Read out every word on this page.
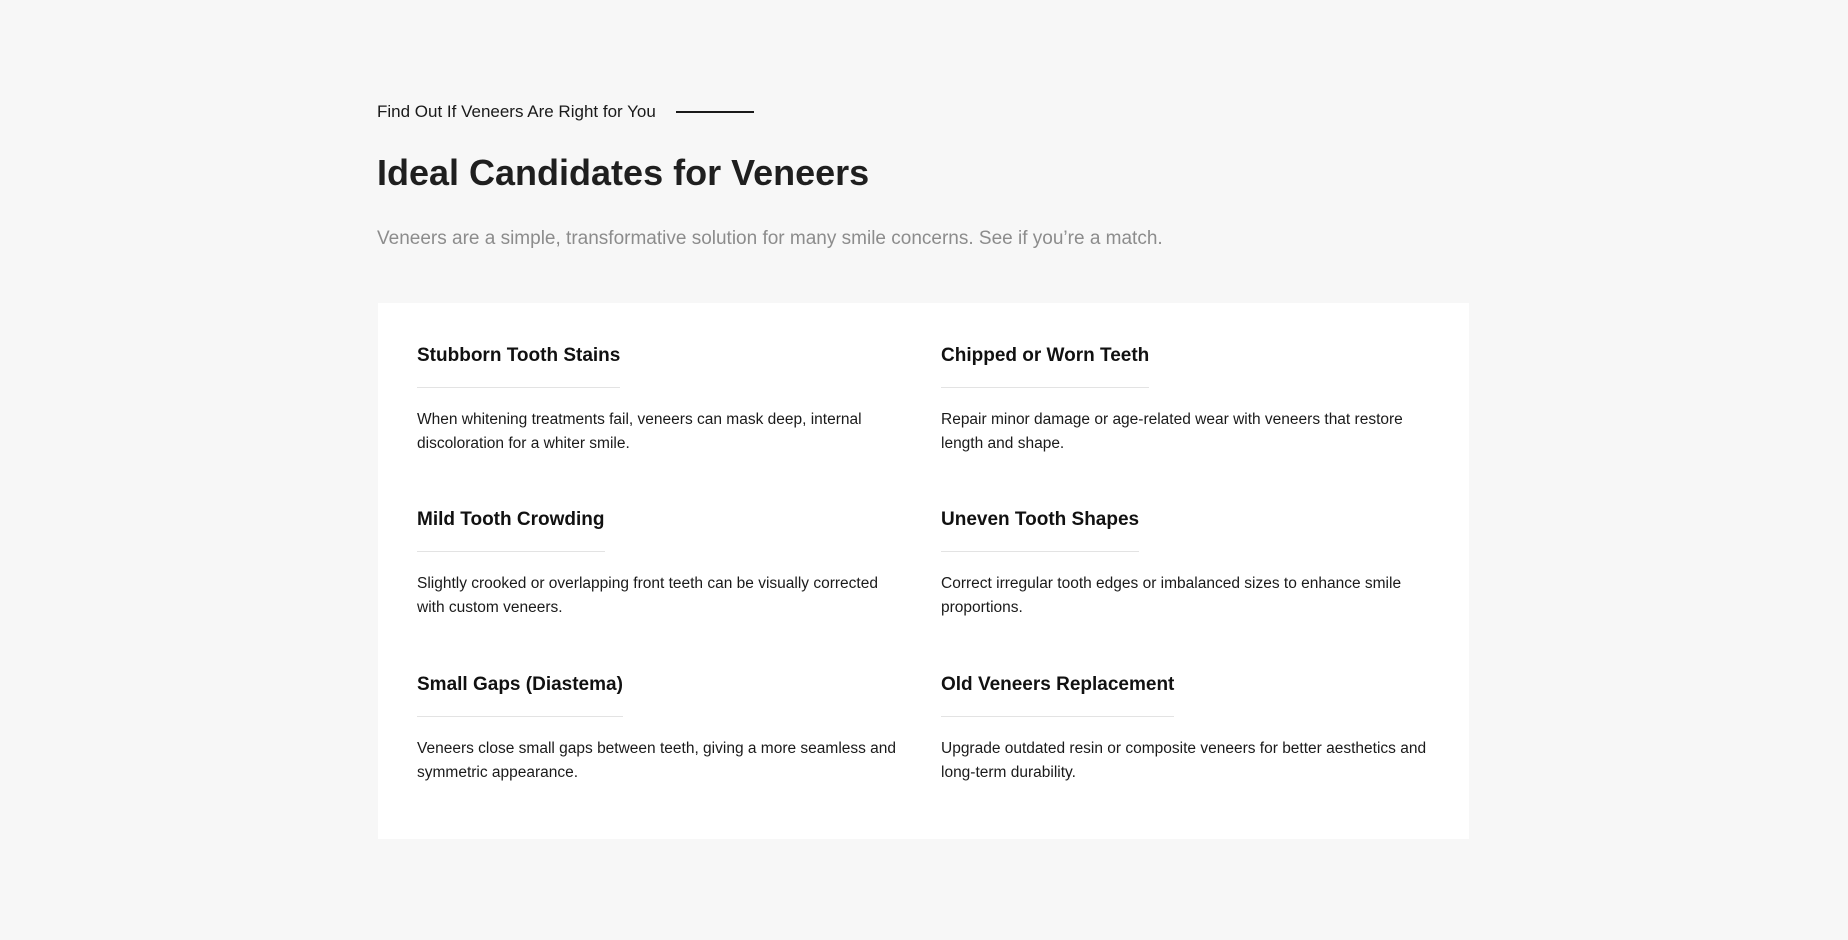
Find Out If Veneers Are Right for You
Ideal Candidates for Veneers

Veneers are a simple, transformative solution for many smile concerns. See if you’re a match.

Stubborn Tooth Stains
When whitening treatments fail, veneers can mask deep, internal discoloration for a whiter smile.
Chipped or Worn Teeth
Repair minor damage or age-related wear with veneers that restore length and shape.
Mild Tooth Crowding
Slightly crooked or overlapping front teeth can be visually corrected with custom veneers.
Uneven Tooth Shapes
Correct irregular tooth edges or imbalanced sizes to enhance smile proportions.
Small Gaps (Diastema)
Veneers close small gaps between teeth, giving a more seamless and symmetric appearance.
Old Veneers Replacement
Upgrade outdated resin or composite veneers for better aesthetics and long-term durability.
